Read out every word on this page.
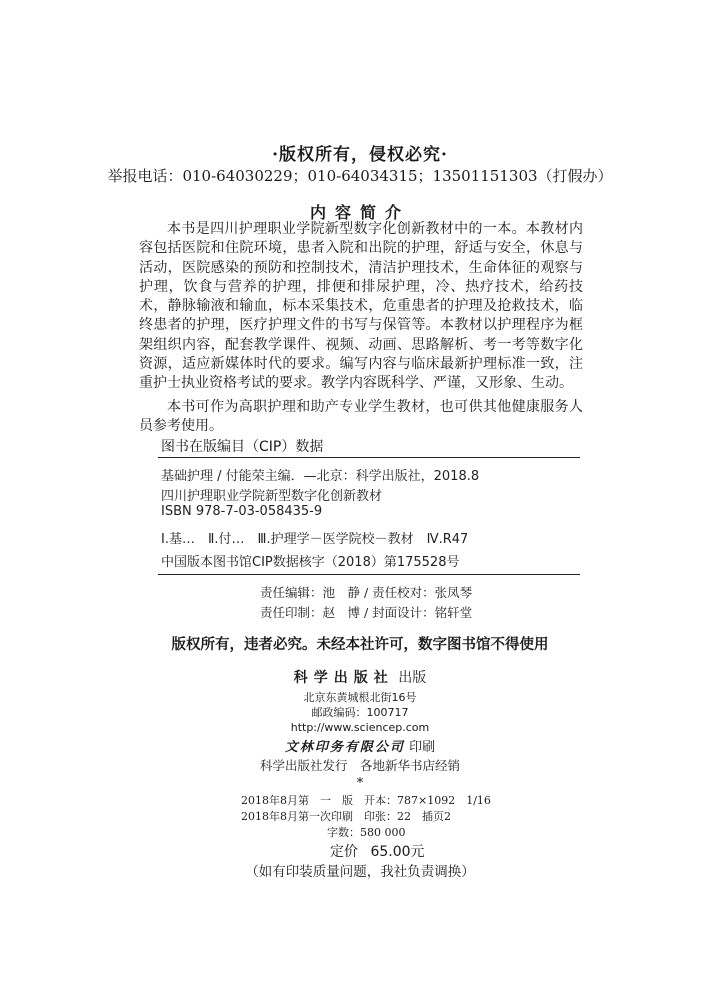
·版权所有，侵权必究·
举报电话：010-64030229；010-64034315；13501151303（打假办）
内容简介
本书是四川护理职业学院新型数字化创新教材中的一本。本教材内容包括医院和住院环境，患者入院和出院的护理，舒适与安全，休息与活动，医院感染的预防和控制技术，清洁护理技术，生命体征的观察与护理，饮食与营养的护理，排便和排尿护理，冷、热疗技术，给药技术，静脉输液和输血，标本采集技术，危重患者的护理及抢救技术，临终患者的护理，医疗护理文件的书写与保管等。本教材以护理程序为框架组织内容，配套教学课件、视频、动画、思路解析、考一考等数字化资源，适应新媒体时代的要求。编写内容与临床最新护理标准一致，注重护士执业资格考试的要求。教学内容既科学、严谨，又形象、生动。
本书可作为高职护理和助产专业学生教材，也可供其他健康服务人员参考使用。
图书在版编目（CIP）数据
基础护理 / 付能荣主编．—北京：科学出版社，2018.8
四川护理职业学院新型数字化创新教材
ISBN 978-7-03-058435-9
Ⅰ.基…　Ⅱ.付…　Ⅲ.护理学－医学院校－教材　Ⅳ.R47
中国版本图书馆CIP数据核字（2018）第175528号
责任编辑：池　静 / 责任校对：张凤琴
责任印制：赵　博 / 封面设计：铭轩堂
版权所有，违者必究。未经本社许可，数字图书馆不得使用
科学出版社 出版
北京东黄城根北街16号
邮政编码：100717
http://www.sciencep.com
文林印务有限公司 印刷
科学出版社发行　各地新华书店经销
*
2018年8月第　一　版　开本：787×1092　1/16
2018年8月第一次印刷　印张：22　插页2
字数：580 000
定价 65.00元
（如有印装质量问题，我社负责调换）
